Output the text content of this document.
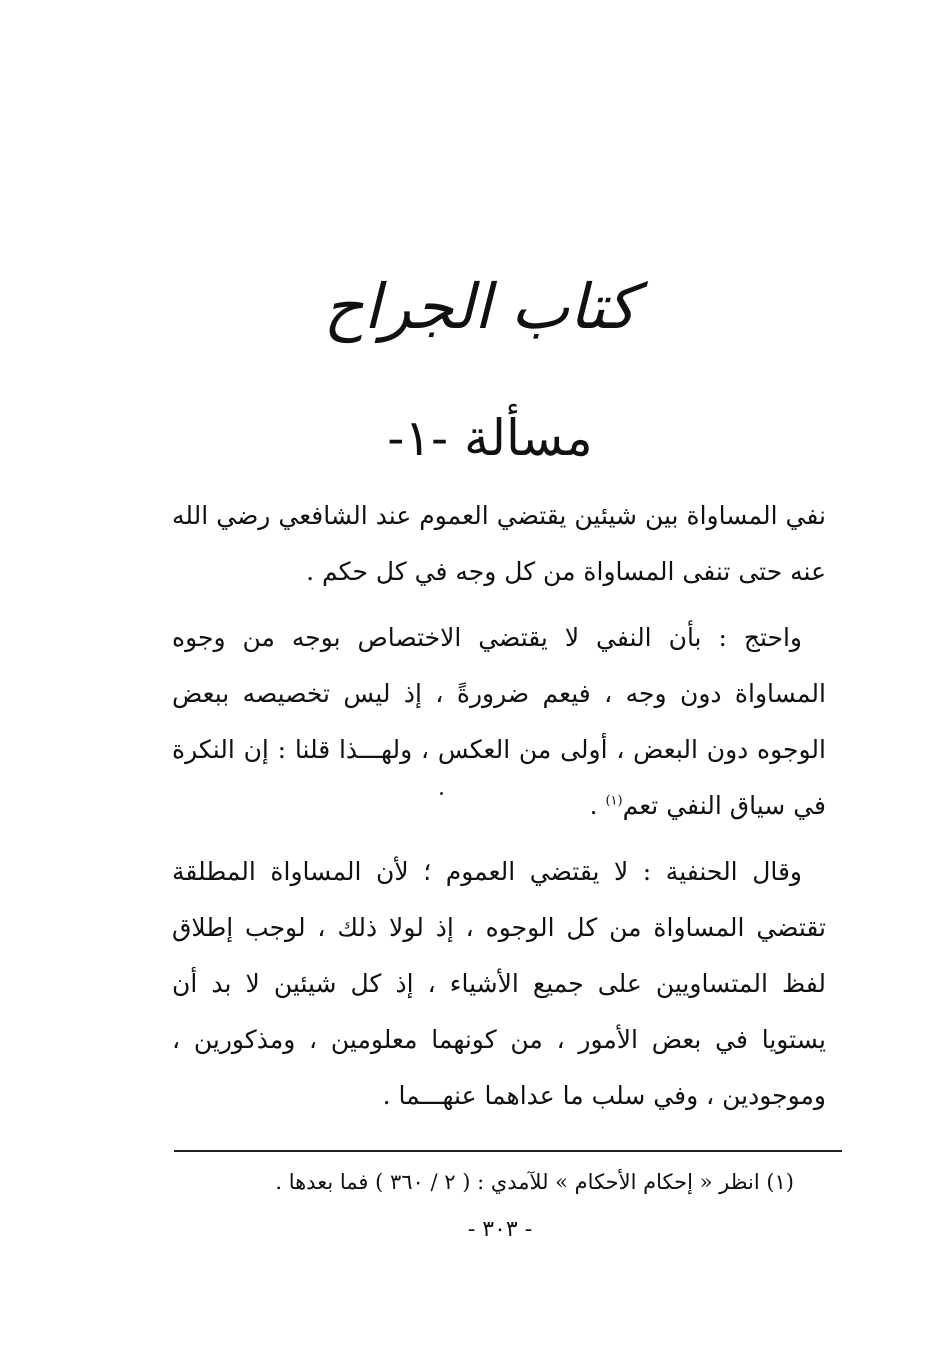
كتاب الجراح
مسألة -١-

نفي المساواة بين شيئين يقتضي العموم عند الشافعي رضي الله عنه حتى تنفى المساواة من كل وجه في كل حكم .

واحتج : بأن النفي لا يقتضي الاختصاص بوجه من وجوه المساواة دون وجه ، فيعم ضرورةً ، إذ ليس تخصيصه ببعض الوجوه دون البعض ، أولى من العكس ، ولهـــذا قلنا : إن النكرة في سياق النفي تعم$^{(١)}$ .

وقال الحنفية : لا يقتضي العموم ؛ لأن المساواة المطلقة تقتضي المساواة من كل الوجوه ، إذ لولا ذلك ، لوجب إطلاق لفظ المتساويين على جميع الأشياء ، إذ كل شيئين لا بد أن يستويا في بعض الأمور ، من كونهما معلومين ، ومذكورين ، وموجودين ، وفي سلب ما عداهما عنهـــما .

(١) انظر « إحكام الأحكام » للآمدي : ( ٢ / ٣٦٠ ) فما بعدها .
- ٣٠٣ -
